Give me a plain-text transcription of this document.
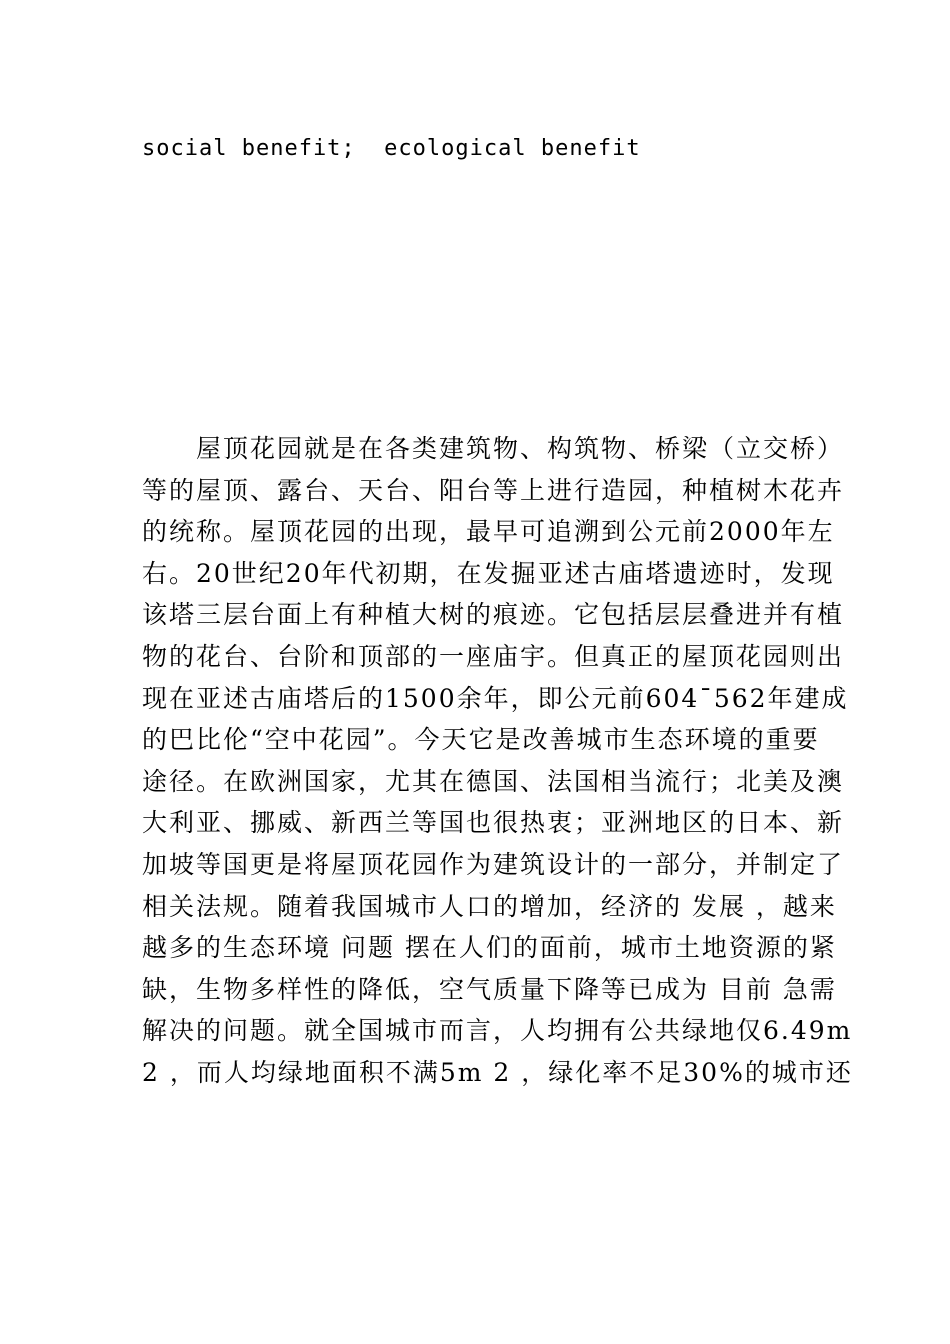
social benefit;  ecological benefit
　　屋顶花园就是在各类建筑物、构筑物、桥梁（立交桥）
等的屋顶、露台、天台、阳台等上进行造园，种植树木花卉
的统称。屋顶花园的出现，最早可追溯到公元前2000年左
右。20世纪20年代初期，在发掘亚述古庙塔遗迹时，发现
该塔三层台面上有种植大树的痕迹。它包括层层叠进并有植
物的花台、台阶和顶部的一座庙宇。但真正的屋顶花园则出
现在亚述古庙塔后的1500余年，即公元前604¯562年建成
的巴比伦“空中花园”。今天它是改善城市生态环境的重要
途径。在欧洲国家，尤其在德国、法国相当流行；北美及澳
大利亚、挪威、新西兰等国也很热衷；亚洲地区的日本、新
加坡等国更是将屋顶花园作为建筑设计的一部分，并制定了
相关法规。随着我国城市人口的增加，经济的 发展 ，越来
越多的生态环境 问题 摆在人们的面前，城市土地资源的紧
缺，生物多样性的降低，空气质量下降等已成为 目前 急需
解决的问题。就全国城市而言，人均拥有公共绿地仅6.49m
2 ，而人均绿地面积不满5m 2 ，绿化率不足30%的城市还
